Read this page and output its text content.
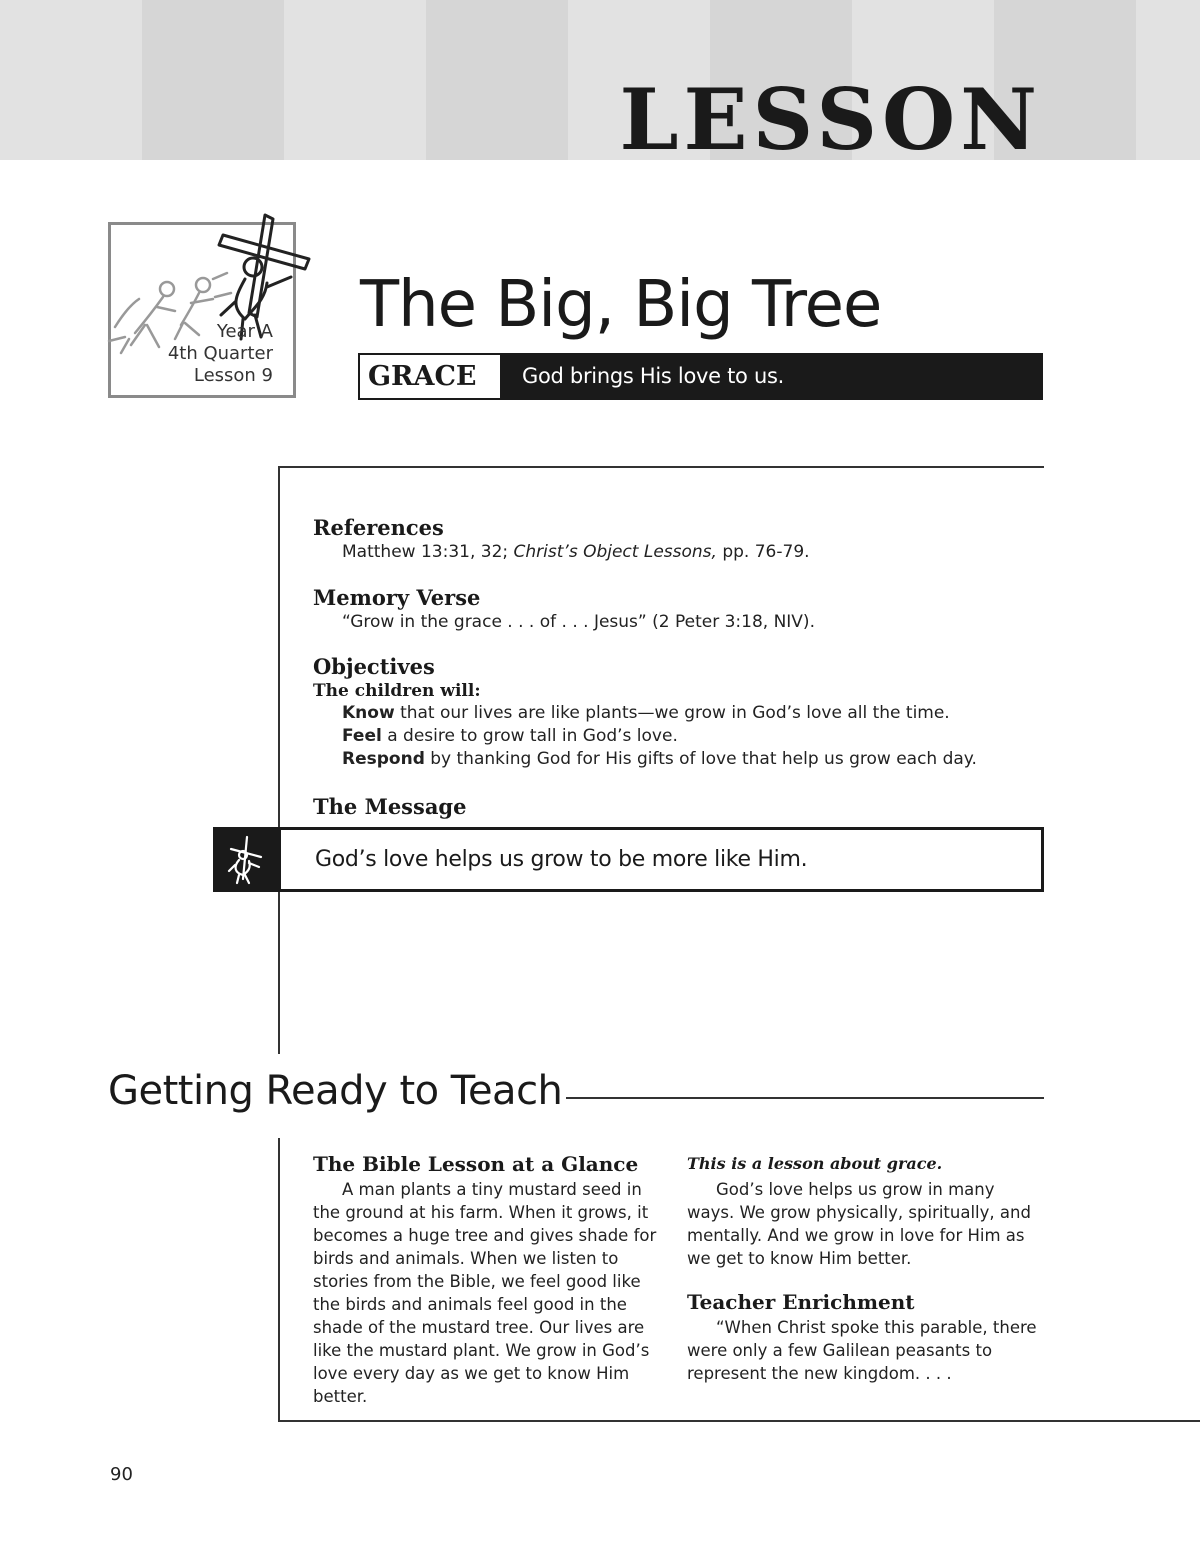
LESSON
Year A
4th Quarter
Lesson 9
The Big, Big Tree
GRACE	God brings His love to us.
References
Matthew 13:31, 32; Christ’s Object Lessons, pp. 76-79.
Memory Verse
“Grow in the grace . . . of . . . Jesus” (2 Peter 3:18, NIV).
Objectives
The children will:
Know that our lives are like plants—we grow in God’s love all the time.
Feel a desire to grow tall in God’s love.
Respond by thanking God for His gifts of love that help us grow each day.
The Message
God’s love helps us grow to be more like Him.
Getting Ready to Teach
The Bible Lesson at a Glance

A man plants a tiny mustard seed in the ground at his farm. When it grows, it becomes a huge tree and gives shade for birds and animals. When we listen to stories from the Bible, we feel good like the birds and animals feel good in the shade of the mustard tree. Our lives are like the mustard plant. We grow in God’s love every day as we get to know Him better.

This is a lesson about grace.

God’s love helps us grow in many ways. We grow physically, spiritually, and mentally. And we grow in love for Him as we get to know Him better.

Teacher Enrichment

“When Christ spoke this parable, there were only a few Galilean peasants to represent the new kingdom. . . .

90
